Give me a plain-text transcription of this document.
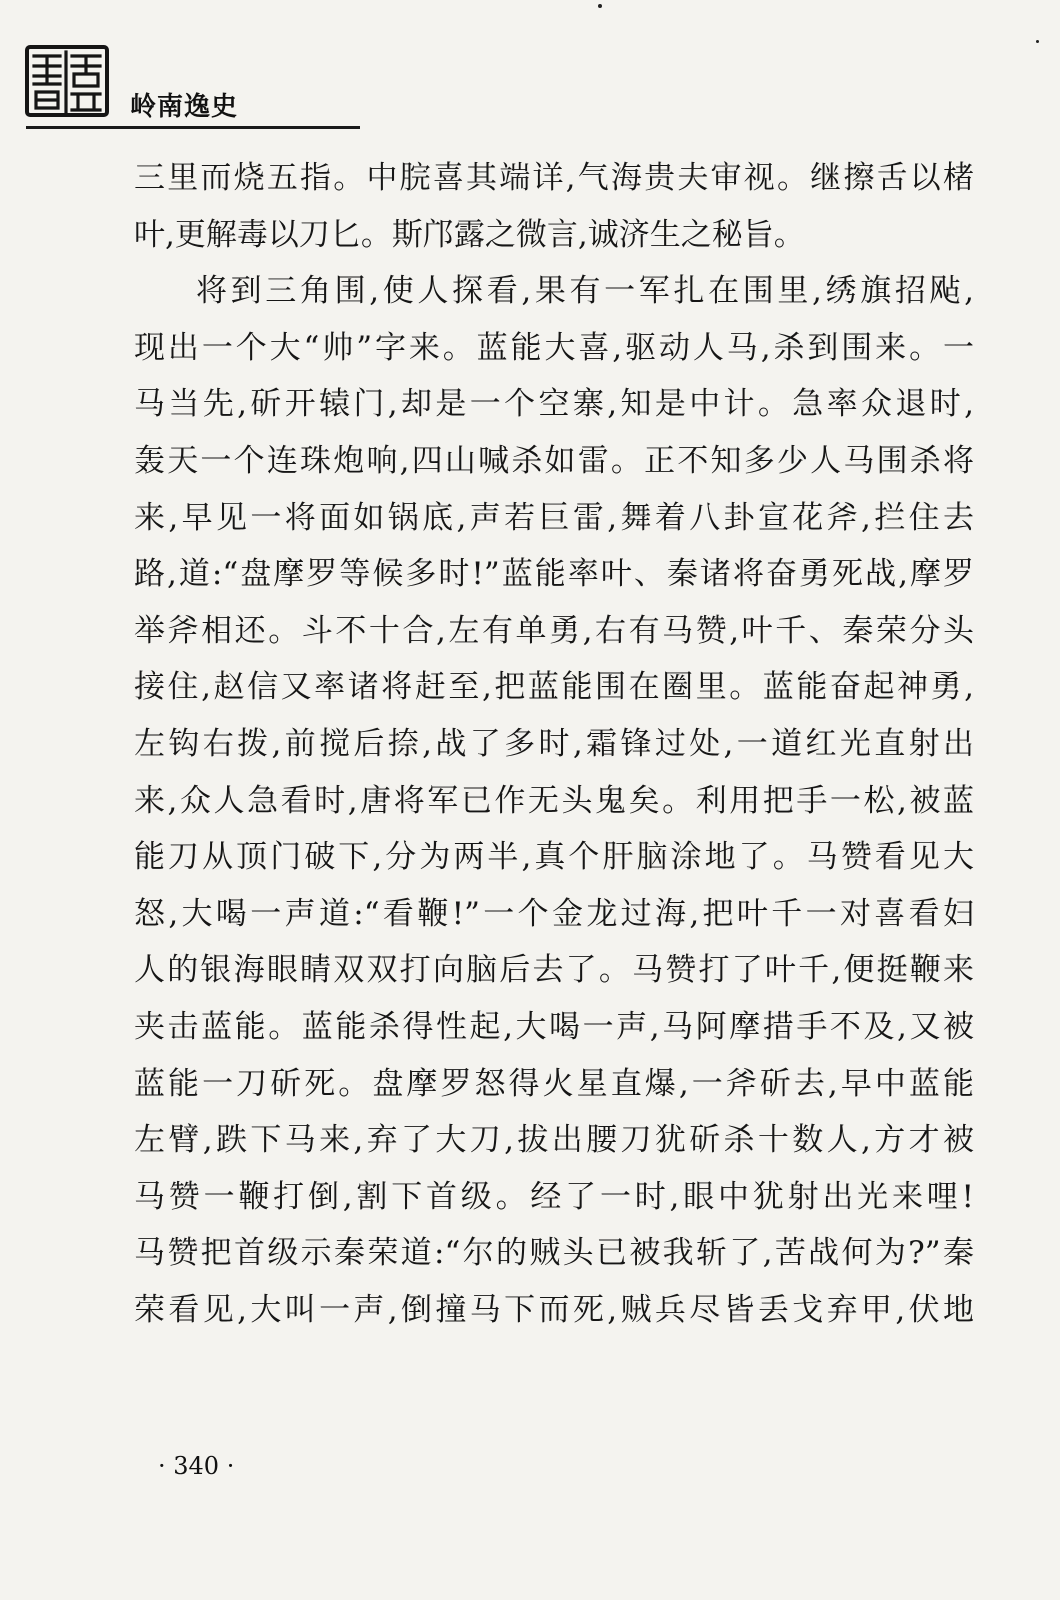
岭南逸史
三里而烧五指。中脘喜其端详,气海贵夫审视。继擦舌以楮
叶,更解毒以刀匕。斯邝露之微言,诚济生之秘旨。
将到三角围,使人探看,果有一军扎在围里,绣旗招飐,
现出一个大“帅”字来。蓝能大喜,驱动人马,杀到围来。一
马当先,斫开辕门,却是一个空寨,知是中计。急率众退时,
轰天一个连珠炮响,四山喊杀如雷。正不知多少人马围杀将
来,早见一将面如锅底,声若巨雷,舞着八卦宣花斧,拦住去
路,道:“盘摩罗等候多时!”蓝能率叶、秦诸将奋勇死战,摩罗
举斧相还。斗不十合,左有单勇,右有马赞,叶千、秦荣分头
接住,赵信又率诸将赶至,把蓝能围在圈里。蓝能奋起神勇,
左钩右拨,前搅后捺,战了多时,霜锋过处,一道红光直射出
来,众人急看时,唐将军已作无头鬼矣。利用把手一松,被蓝
能刀从顶门破下,分为两半,真个肝脑涂地了。马赞看见大
怒,大喝一声道:“看鞭!”一个金龙过海,把叶千一对喜看妇
人的银海眼睛双双打向脑后去了。马赞打了叶千,便挺鞭来
夹击蓝能。蓝能杀得性起,大喝一声,马阿摩措手不及,又被
蓝能一刀斫死。盘摩罗怒得火星直爆,一斧斫去,早中蓝能
左臂,跌下马来,弃了大刀,拔出腰刀犹斫杀十数人,方才被
马赞一鞭打倒,割下首级。经了一时,眼中犹射出光来哩!
马赞把首级示秦荣道:“尔的贼头已被我斩了,苦战何为?”秦
荣看见,大叫一声,倒撞马下而死,贼兵尽皆丢戈弃甲,伏地
· 340 ·
